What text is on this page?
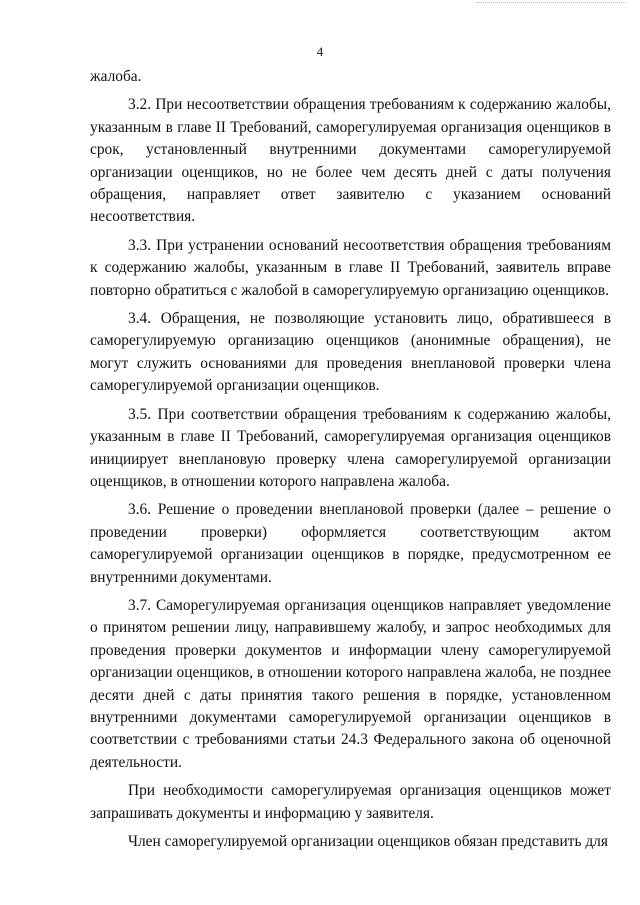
4

жалоба.

3.2. При несоответствии обращения требованиям к содержанию жалобы, указанным в главе II Требований, саморегулируемая организация оценщиков в срок, установленный внутренними документами саморегулируемой организации оценщиков, но не более чем десять дней с даты получения обращения, направляет ответ заявителю с указанием оснований несоответствия.

3.3. При устранении оснований несоответствия обращения требованиям к содержанию жалобы, указанным в главе II Требований, заявитель вправе повторно обратиться с жалобой в саморегулируемую организацию оценщиков.

3.4. Обращения, не позволяющие установить лицо, обратившееся в саморегулируемую организацию оценщиков (анонимные обращения), не могут служить основаниями для проведения внеплановой проверки члена саморегулируемой организации оценщиков.

3.5. При соответствии обращения требованиям к содержанию жалобы, указанным в главе II Требований, саморегулируемая организация оценщиков инициирует внеплановую проверку члена саморегулируемой организации оценщиков, в отношении которого направлена жалоба.

3.6. Решение о проведении внеплановой проверки (далее – решение о проведении проверки) оформляется соответствующим актом саморегулируемой организации оценщиков в порядке, предусмотренном ее внутренними документами.

3.7. Саморегулируемая организация оценщиков направляет уведомление о принятом решении лицу, направившему жалобу, и запрос необходимых для проведения проверки документов и информации члену саморегулируемой организации оценщиков, в отношении которого направлена жалоба, не позднее десяти дней с даты принятия такого решения в порядке, установленном внутренними документами саморегулируемой организации оценщиков в соответствии с требованиями статьи 24.3 Федерального закона об оценочной деятельности.

При необходимости саморегулируемая организация оценщиков может запрашивать документы и информацию у заявителя.

Член саморегулируемой организации оценщиков обязан представить для
